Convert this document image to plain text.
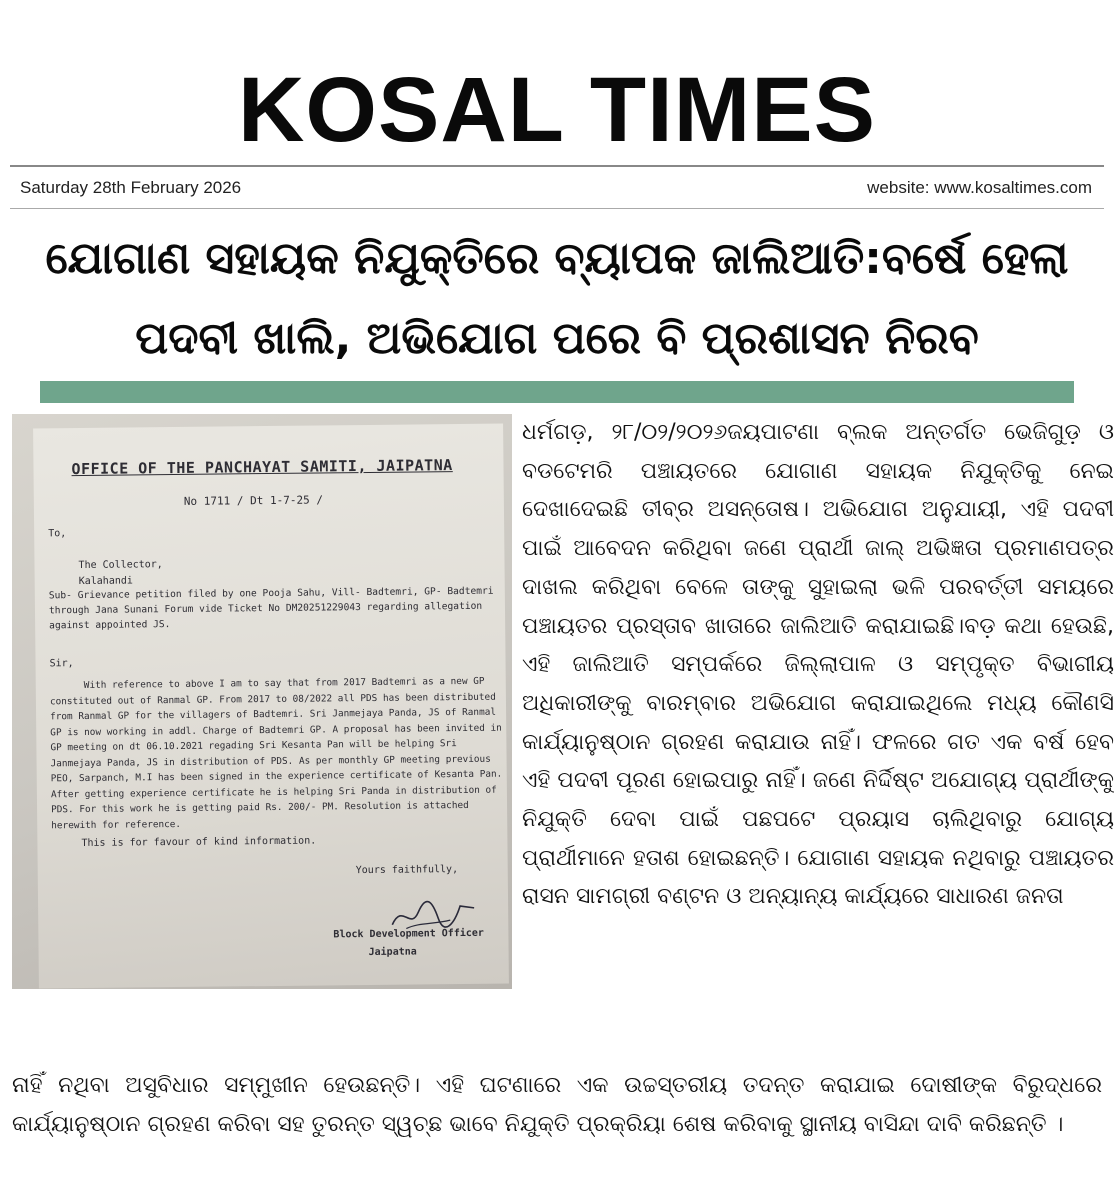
KOSAL TIMES
Saturday 28th February 2026	website: www.kosaltimes.com
ଯୋଗାଣ ସହାୟକ ନିଯୁକ୍ତିରେ ବ୍ୟାପକ ଜାଲିଆତି:ବର୍ଷେ ହେଲା
ପଦବୀ ଖାଲି, ଅଭିଯୋଗ ପରେ ବି ପ୍ରଶାସନ ନିରବ
OFFICE OF THE PANCHAYAT SAMITI, JAIPATNA
No 1711 / Dt 1-7-25 /
To,
The Collector,
Kalahandi
Sub- Grievance petition filed by one Pooja Sahu, Vill- Badtemri, GP- Badtemri through Jana Sunani Forum vide Ticket No DM20251229043 regarding allegation against appointed JS.
Sir,
With reference to above I am to say that from 2017 Badtemri as a new GP constituted out of Ranmal GP. From 2017 to 08/2022 all PDS has been distributed from Ranmal GP for the villagers of Badtemri. Sri Janmejaya Panda, JS of Ranmal GP is now working in addl. Charge of Badtemri GP. A proposal has been invited in GP meeting on dt 06.10.2021 regading Sri Kesanta Pan will be helping Sri Janmejaya Panda, JS in distribution of PDS. As per monthly GP meeting previous PEO, Sarpanch, M.I has been signed in the experience certificate of Kesanta Pan. After getting experience certificate he is helping Sri Panda in distribution of PDS. For this work he is getting paid Rs. 200/- PM. Resolution is attached herewith for reference.
This is for favour of kind information.
Yours faithfully,
Block Development Officer
Jaipatna
ଧର୍ମଗଡ଼, ୨୮/୦୨/୨୦୨୬ଜୟପାଟଣା ବ୍ଲକ ଅନ୍ତର୍ଗତ ଭେଜିଗୁଡ଼ ଓ ବଡଟେମରି ପଞ୍ଚାୟତରେ ଯୋଗାଣ ସହାୟକ ନିଯୁକ୍ତିକୁ ନେଇ ଦେଖାଦେଇଛି ତୀବ୍ର ଅସନ୍ତୋଷ। ଅଭିଯୋଗ ଅନୁଯାୟୀ, ଏହି ପଦବୀ ପାଇଁ ଆବେଦନ କରିଥିବା ଜଣେ ପ୍ରାର୍ଥୀ ଜାଲ୍ ଅଭିଜ୍ଞତା ପ୍ରମାଣପତ୍ର ଦାଖଲ କରିଥିବା ବେଳେ ତାଙ୍କୁ ସୁହାଇଲା ଭଳି ପରବର୍ତ୍ତୀ ସମୟରେ ପଞ୍ଚାୟତର ପ୍ରସ୍ତାବ ଖାତାରେ ଜାଲିଆତି କରାଯାଇଛି।ବଡ଼ କଥା ହେଉଛି, ଏହି ଜାଲିଆତି ସମ୍ପର୍କରେ ଜିଲ୍ଲାପାଳ ଓ ସମ୍ପୃକ୍ତ ବିଭାଗୀୟ ଅଧିକାରୀଙ୍କୁ ବାରମ୍ବାର ଅଭିଯୋଗ କରାଯାଇଥିଲେ ମଧ୍ୟ କୌଣସି କାର୍ଯ୍ୟାନୁଷ୍ଠାନ ଗ୍ରହଣ କରାଯାଉ ନାହିଁ। ଫଳରେ ଗତ ଏକ ବର୍ଷ ହେବ ଏହି ପଦବୀ ପୂରଣ ହୋଇପାରୁ ନାହିଁ। ଜଣେ ନିର୍ଦ୍ଦିଷ୍ଟ ଅଯୋଗ୍ୟ ପ୍ରାର୍ଥୀଙ୍କୁ ନିଯୁକ୍ତି ଦେବା ପାଇଁ ପଛପଟେ ପ୍ରୟାସ ଚାଲିଥିବାରୁ ଯୋଗ୍ୟ ପ୍ରାର୍ଥୀମାନେ ହତାଶ ହୋଇଛନ୍ତି। ଯୋଗାଣ ସହାୟକ ନଥିବାରୁ ପଞ୍ଚାୟତର ରାସନ ସାମଗ୍ରୀ ବଣ୍ଟନ ଓ ଅନ୍ୟାନ୍ୟ କାର୍ଯ୍ୟରେ ସାଧାରଣ ଜନତା
ନାହିଁ ନଥିବା ଅସୁବିଧାର ସମ୍ମୁଖୀନ ହେଉଛନ୍ତି। ଏହି ଘଟଣାରେ ଏକ ଉଚ୍ଚସ୍ତରୀୟ ତଦନ୍ତ କରାଯାଇ ଦୋଷୀଙ୍କ ବିରୁଦ୍ଧରେ କାର୍ଯ୍ୟାନୁଷ୍ଠାନ ଗ୍ରହଣ କରିବା ସହ ତୁରନ୍ତ ସ୍ୱଚ୍ଛ ଭାବେ ନିଯୁକ୍ତି ପ୍ରକ୍ରିୟା ଶେଷ କରିବାକୁ ସ୍ଥାନୀୟ ବାସିନ୍ଦା ଦାବି କରିଛନ୍ତି ।
